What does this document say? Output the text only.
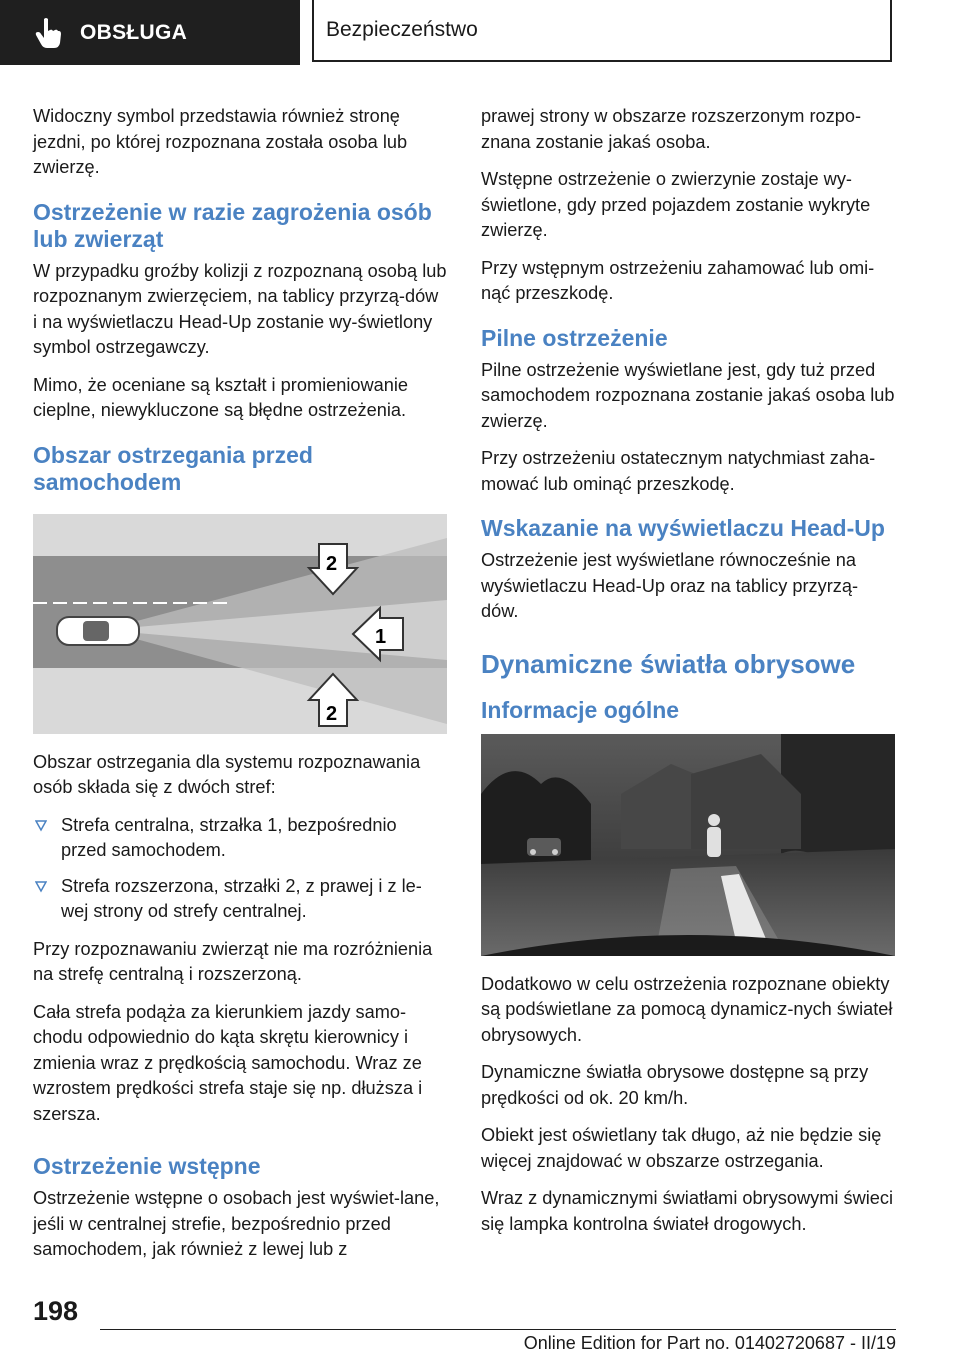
OBSŁUGA	Bezpieczeństwo

Widoczny symbol przedstawia również stronę jezdni, po której rozpoznana została osoba lub zwierzę.

Ostrzeżenie w razie zagrożenia osób lub zwierząt

W przypadku groźby kolizji z rozpoznaną osobą lub rozpoznanym zwierzęciem, na tablicy przyrzą-dów i na wyświetlaczu Head-Up zostanie wy-świetlony symbol ostrzegawczy.

Mimo, że oceniane są kształt i promieniowanie cieplne, niewykluczone są błędne ostrzeżenia.

Obszar ostrzegania przed samochodem
1
2
2

Obszar ostrzegania dla systemu rozpoznawania osób składa się z dwóch stref:

Strefa centralna, strzałka 1, bezpośrednio przed samochodem.
Strefa rozszerzona, strzałki 2, z prawej i z le-wej strony od strefy centralnej.

Przy rozpoznawaniu zwierząt nie ma rozróżnienia na strefę centralną i rozszerzoną.

Cała strefa podąża za kierunkiem jazdy samo-chodu odpowiednio do kąta skrętu kierownicy i zmienia wraz z prędkością samochodu. Wraz ze wzrostem prędkości strefa staje się np. dłuższa i szersza.

Ostrzeżenie wstępne

Ostrzeżenie wstępne o osobach jest wyświet-lane, jeśli w centralnej strefie, bezpośrednio przed samochodem, jak również z lewej lub z

prawej strony w obszarze rozszerzonym rozpo-znana zostanie jakaś osoba.

Wstępne ostrzeżenie o zwierzynie zostaje wy-świetlone, gdy przed pojazdem zostanie wykryte zwierzę.

Przy wstępnym ostrzeżeniu zahamować lub omi-nąć przeszkodę.

Pilne ostrzeżenie

Pilne ostrzeżenie wyświetlane jest, gdy tuż przed samochodem rozpoznana zostanie jakaś osoba lub zwierzę.

Przy ostrzeżeniu ostatecznym natychmiast zaha-mować lub ominąć przeszkodę.

Wskazanie na wyświetlaczu Head-Up

Ostrzeżenie jest wyświetlane równocześnie na wyświetlaczu Head-Up oraz na tablicy przyrzą-dów.

Dynamiczne światła obrysowe
Informacje ogólne

Dodatkowo w celu ostrzeżenia rozpoznane obiekty są podświetlane za pomocą dynamicz-nych świateł obrysowych.

Dynamiczne światła obrysowe dostępne są przy prędkości od ok. 20 km/h.

Obiekt jest oświetlany tak długo, aż nie będzie się więcej znajdować w obszarze ostrzegania.

Wraz z dynamicznymi światłami obrysowymi świeci się lampka kontrolna świateł drogowych.

198
Online Edition for Part no. 01402720687 - II/19
